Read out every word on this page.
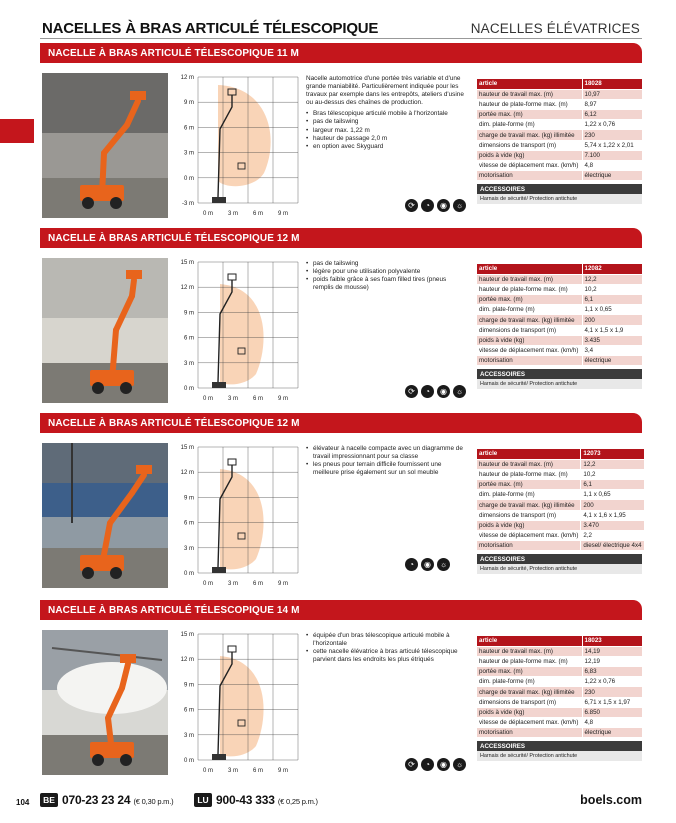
NACELLES À BRAS ARTICULÉ TÉLESCOPIQUE	NACELLES ÉLÉVATRICES
NACELLE À BRAS ARTICULÉ TÉLESCOPIQUE 11 M
12 m
9 m
6 m
3 m
0 m
-3 m
0 m 3 m 6 m 9 m

Nacelle automotrice d'une portée très variable et d'une grande maniabilité. Particulièrement indiquée pour les travaux par exemple dans les entrepôts, ateliers d'usine ou au-dessus des chaînes de production.

• Bras télescopique articulé mobile à l'horizontale
• pas de tailswing
• largeur max. 1,22 m
• hauteur de passage 2,0 m
• en option avec Skyguard
⟳	◔	◉	☼
article	18028
hauteur de travail max. (m)	10,97
hauteur de plate-forme max. (m)	8,97
portée max. (m)	6,12
dim. plate-forme (m)	1,22 x 0,76
charge de travail max. (kg) illimitée	230
dimensions de transport (m)	5,74 x 1,22 x 2,01
poids à vide (kg)	7.100
vitesse de déplacement max. (km/h)	4,8
motorisation	électrique
ACCESSOIRES
Harnais de sécurité/ Protection antichute
NACELLE À BRAS ARTICULÉ TÉLESCOPIQUE 12 M
15 m
12 m
9 m
6 m
3 m
0 m
0 m 3 m 6 m 9 m
• pas de tailswing
• légère pour une utilisation polyvalente
• poids faible grâce à ses foam filled tires (pneus remplis de mousse)
⟳	◔	◉	☼
article	12082
hauteur de travail max. (m)	12,2
hauteur de plate-forme max. (m)	10,2
portée max. (m)	6,1
dim. plate-forme (m)	1,1 x 0,65
charge de travail max. (kg) illimitée	200
dimensions de transport (m)	4,1 x 1,5 x 1,9
poids à vide (kg)	3.435
vitesse de déplacement max. (km/h)	3,4
motorisation	électrique
ACCESSOIRES
Harnais de sécurité/ Protection antichute
NACELLE À BRAS ARTICULÉ TÉLESCOPIQUE 12 M
15 m
12 m
9 m
6 m
3 m
0 m
0 m 3 m 6 m 9 m
• élévateur à nacelle compacte avec un diagramme de travail impressionnant pour sa classe
• les pneus pour terrain difficile fournissent une meilleure prise également sur un sol meuble
◔	◉	☼
article	12073
hauteur de travail max. (m)	12,2
hauteur de plate-forme max. (m)	10,2
portée max. (m)	6,1
dim. plate-forme (m)	1,1 x 0,65
charge de travail max. (kg) illimitée	200
dimensions de transport (m)	4,1 x 1,6 x 1,95
poids à vide (kg)	3.470
vitesse de déplacement max. (km/h)	2,2
motorisation	diesel/ électrique 4x4
ACCESSOIRES
Harnais de sécurité, Protection antichute
NACELLE À BRAS ARTICULÉ TÉLESCOPIQUE 14 M
15 m
12 m
9 m
6 m
3 m
0 m
0 m 3 m 6 m 9 m
• équipée d'un bras télescopique articulé mobile à l'horizontale
• cette nacelle élévatrice à bras articulé télescopique parvient dans les endroits les plus étriqués
⟳	◔	◉	☼
article	18023
hauteur de travail max. (m)	14,19
hauteur de plate-forme max. (m)	12,19
portée max. (m)	6,83
dim. plate-forme (m)	1,22 x 0,76
charge de travail max. (kg) illimitée	230
dimensions de transport (m)	6,71 x 1,5 x 1,97
poids à vide (kg)	6.850
vitesse de déplacement max. (km/h)	4,8
motorisation	électrique
ACCESSOIRES
Harnais de sécurité/ Protection antichute
104	BE 070-23 23 24 (€ 0,30 p.m.)	LU 900-43 333 (€ 0,25 p.m.)	boels.com
